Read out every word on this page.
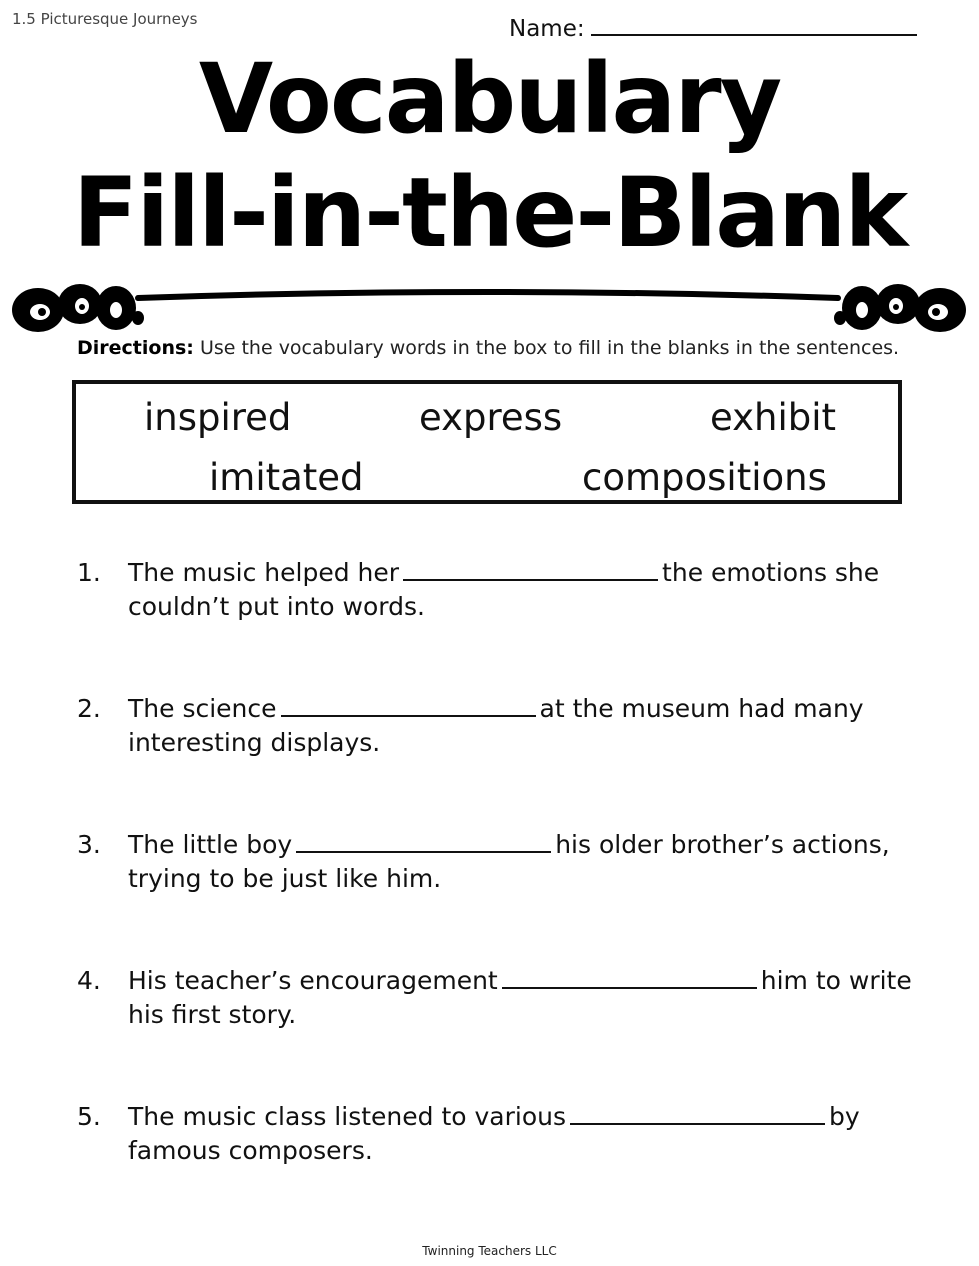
1.5 Picturesque Journeys	Name:
Vocabulary
Fill-in-the-Blank
Directions: Use the vocabulary words in the box to fill in the blanks in the sentences.
inspired	express	exhibit
imitated	compositions
1. The music helped her	the emotions she couldn’t put into words.
2. The science	at the museum had many interesting displays.
3. The little boy	his older brother’s actions, trying to be just like him.
4. His teacher’s encouragement	him to write his first story.
5. The music class listened to various	by famous composers.
Twinning Teachers LLC
